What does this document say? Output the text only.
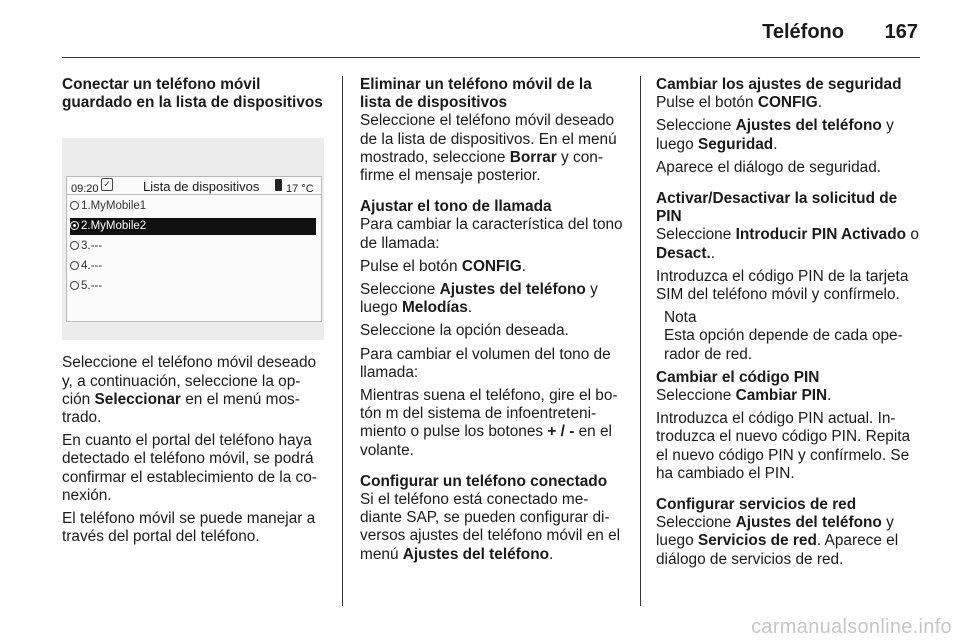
Teléfono 167
Conectar un teléfono móvil guardado en la lista de dispositivos
09:20 ✓ Lista de dispositivos 17 °C
1.MyMobile1
2.MyMobile2
3.---
4.---
5.---

Seleccione el teléfono móvil deseado y, a continuación, seleccione la op-ción Seleccionar en el menú mos-trado.

En cuanto el portal del teléfono haya detectado el teléfono móvil, se podrá confirmar el establecimiento de la co-nexión.

El teléfono móvil se puede manejar a través del portal del teléfono.

Eliminar un teléfono móvil de la lista de dispositivos

Seleccione el teléfono móvil deseado de la lista de dispositivos. En el menú mostrado, seleccione Borrar y con-firme el mensaje posterior.

Ajustar el tono de llamada

Para cambiar la característica del tono de llamada:

Pulse el botón CONFIG.

Seleccione Ajustes del teléfono y luego Melodías.

Seleccione la opción deseada.

Para cambiar el volumen del tono de llamada:

Mientras suena el teléfono, gire el bo-tón m del sistema de infoentreteni-miento o pulse los botones + / - en el volante.

Configurar un teléfono conectado

Si el teléfono está conectado me-diante SAP, se pueden configurar di-versos ajustes del teléfono móvil en el menú Ajustes del teléfono.

Cambiar los ajustes de seguridad

Pulse el botón CONFIG.

Seleccione Ajustes del teléfono y luego Seguridad.

Aparece el diálogo de seguridad.

Activar/Desactivar la solicitud de PIN

Seleccione Introducir PIN Activado o Desact..

Introduzca el código PIN de la tarjeta SIM del teléfono móvil y confírmelo.

Nota

Esta opción depende de cada ope-rador de red.

Cambiar el código PIN

Seleccione Cambiar PIN.

Introduzca el código PIN actual. In-troduzca el nuevo código PIN. Repita el nuevo código PIN y confírmelo. Se ha cambiado el PIN.

Configurar servicios de red

Seleccione Ajustes del teléfono y luego Servicios de red. Aparece el diálogo de servicios de red.

carmanualsonline.info
